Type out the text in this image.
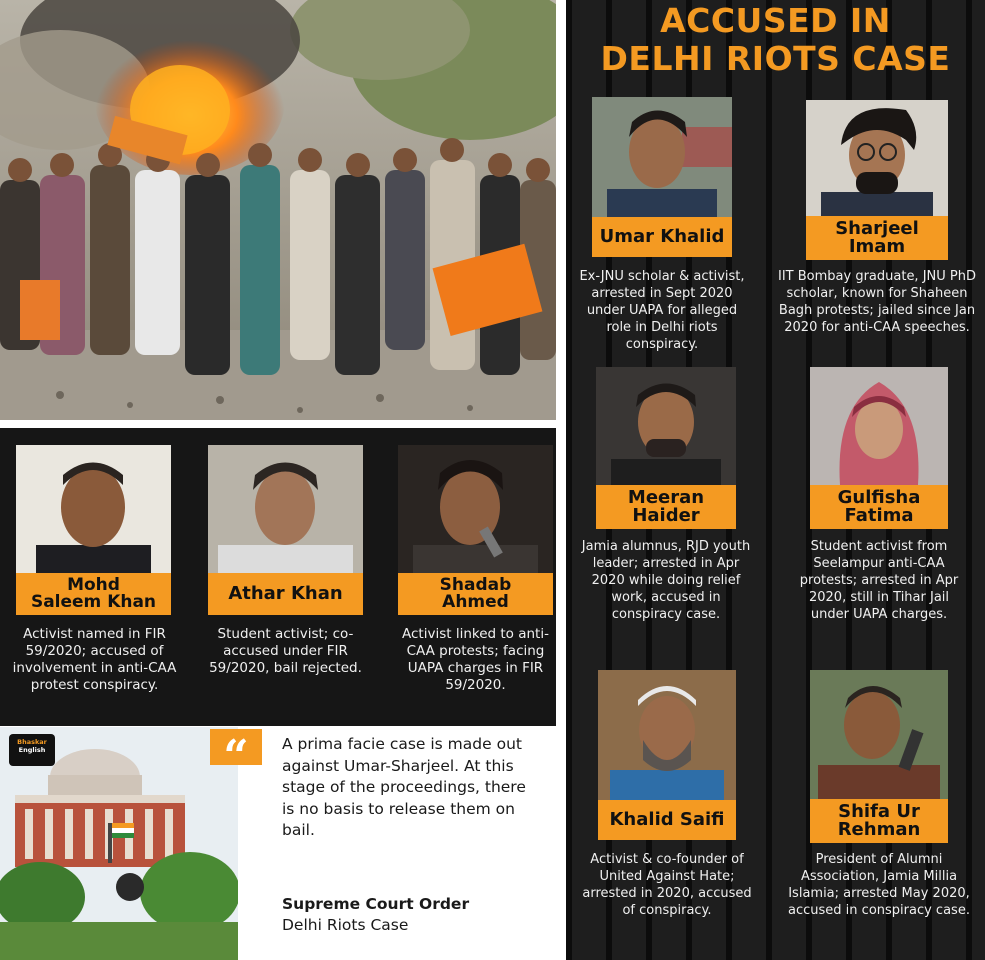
Mohd
Saleem Khan
Activist named in FIR 59/2020; accused of involvement in anti-CAA protest conspiracy.
Athar Khan
Student activist; co-accused under FIR 59/2020, bail rejected.
Shadab
Ahmed
Activist linked to anti-CAA protests; facing UAPA charges in FIR 59/2020.
ACCUSED IN
DELHI RIOTS CASE
Umar Khalid
Ex-JNU scholar & activist, arrested in Sept 2020 under UAPA for alleged role in Delhi riots conspiracy.
Sharjeel
Imam
IIT Bombay graduate, JNU PhD scholar, known for Shaheen Bagh protests; jailed since Jan 2020 for anti-CAA speeches.
Meeran
Haider
Jamia alumnus, RJD youth leader; arrested in Apr 2020 while doing relief work, accused in conspiracy case.
Gulfisha
Fatima
Student activist from Seelampur anti-CAA protests; arrested in Apr 2020, still in Tihar Jail under UAPA charges.
Khalid Saifi
Activist & co-founder of United Against Hate; arrested in 2020, accused of conspiracy.
Shifa Ur
Rehman
President of Alumni Association, Jamia Millia Islamia; arrested May 2020, accused in conspiracy case.
Bhaskar
English	“	A prima facie case is made out against Umar-Sharjeel. At this stage of the proceedings, there is no basis to release them on bail.
Supreme Court Order
Delhi Riots Case
